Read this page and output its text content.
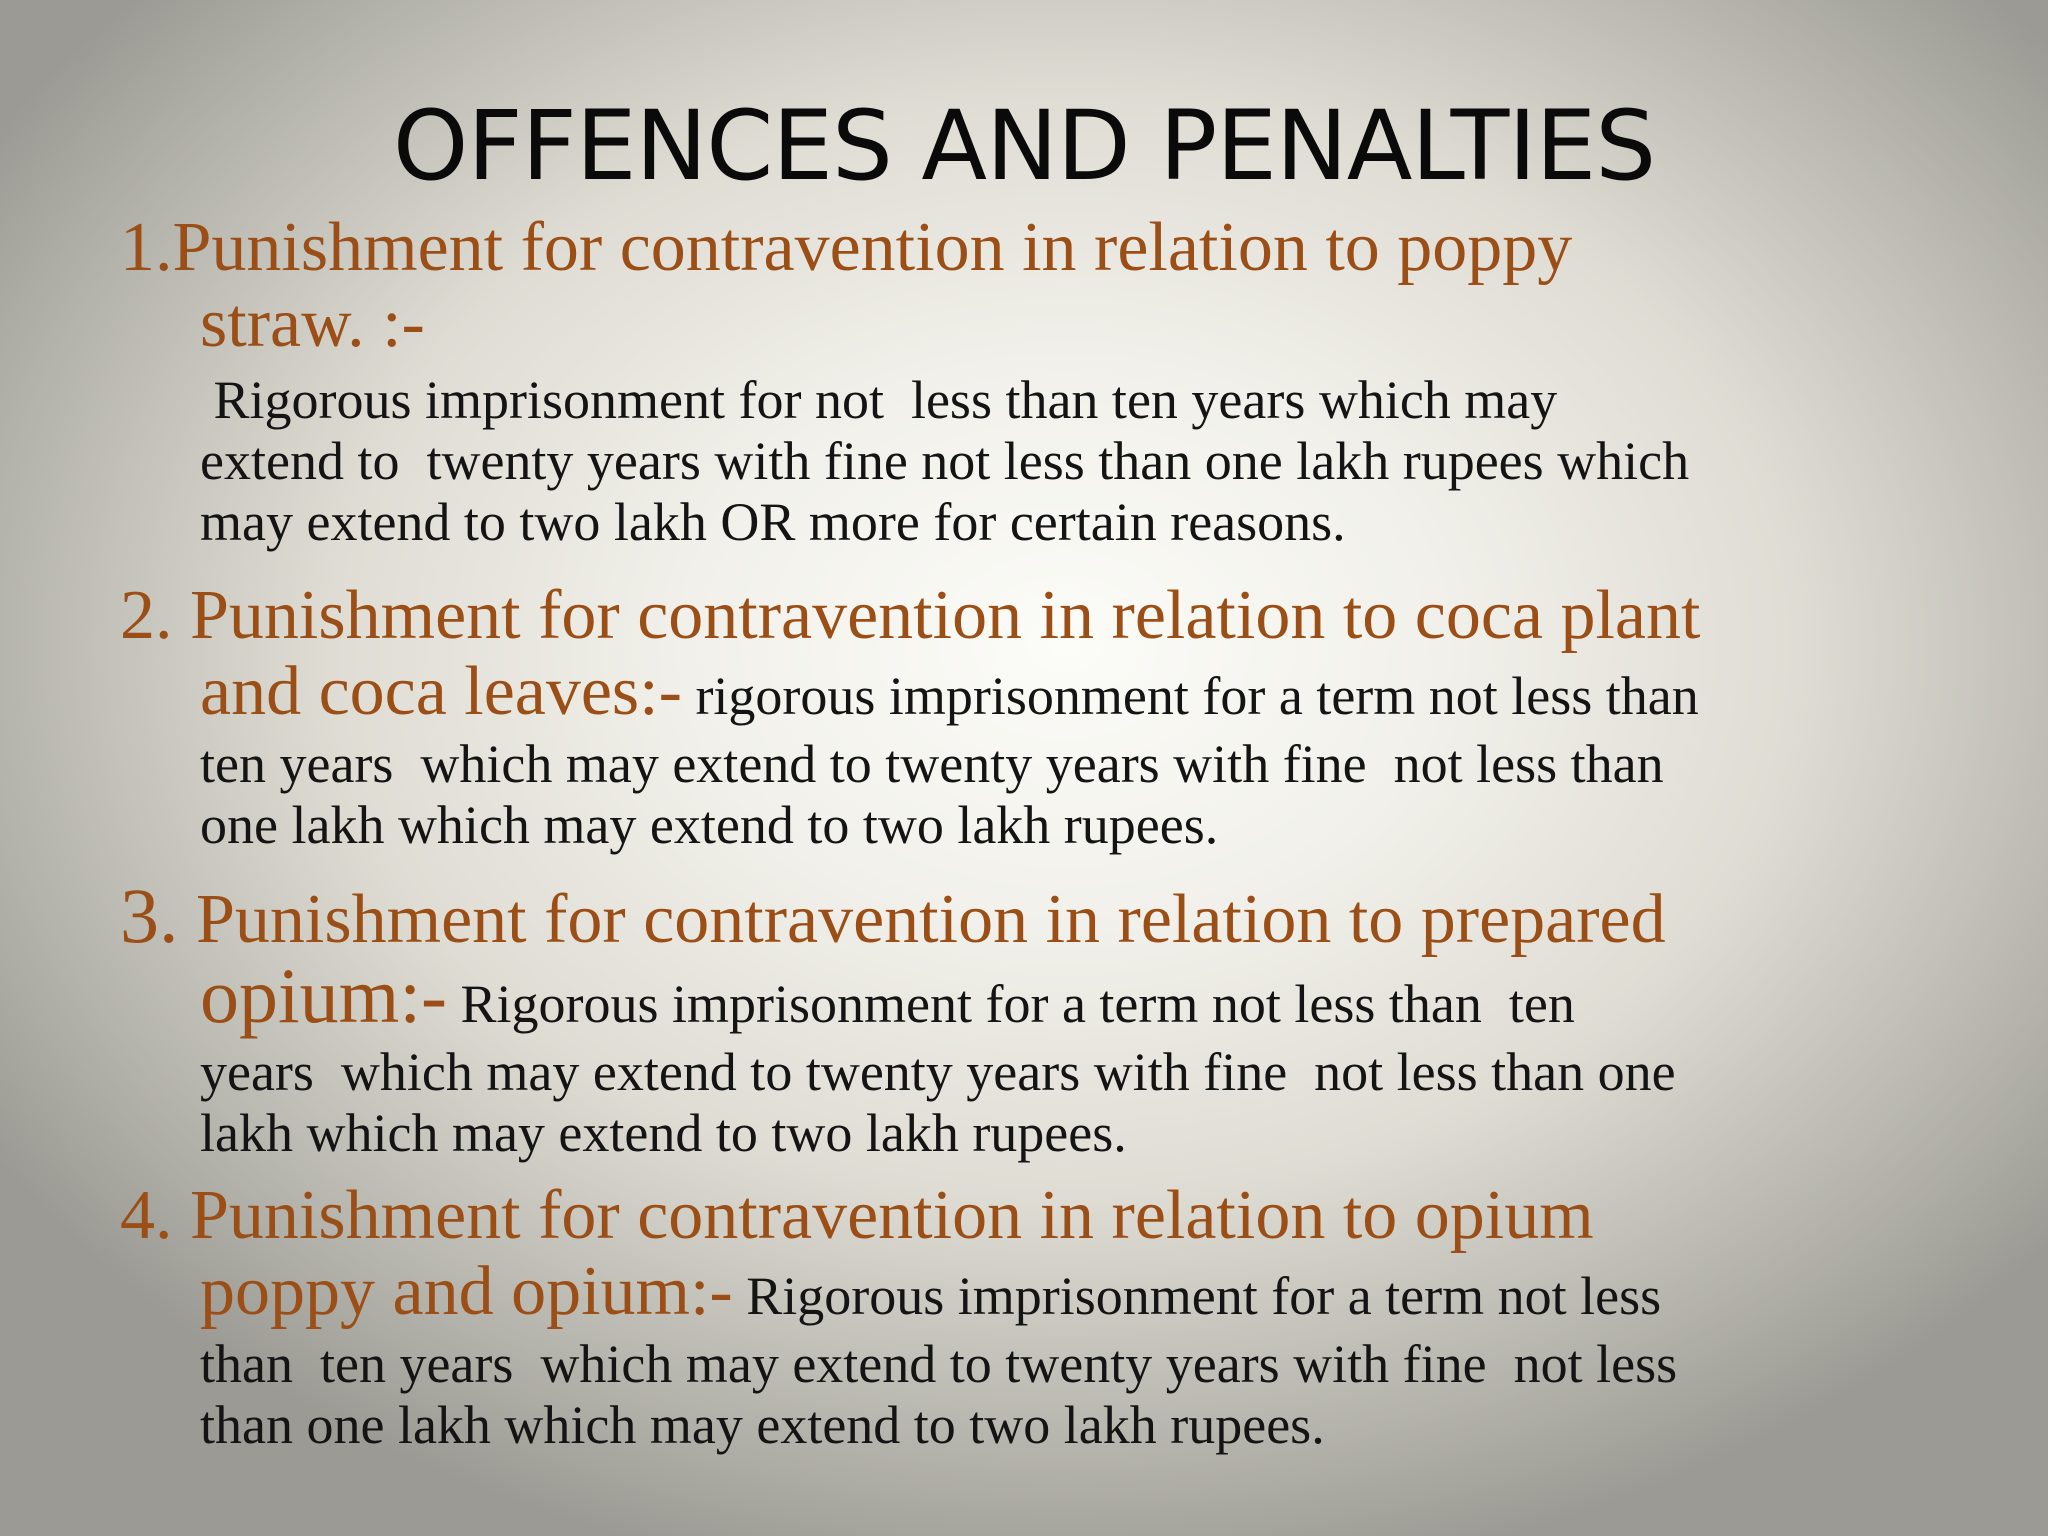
OFFENCES AND PENALTIES
1.Punishment for contravention in relation to poppy
straw. :-
Rigorous imprisonment for not  less than ten years which may
extend to  twenty years with fine not less than one lakh rupees which
may extend to two lakh OR more for certain reasons.
2. Punishment for contravention in relation to coca plant
and coca leaves:- rigorous imprisonment for a term not less than
ten years  which may extend to twenty years with fine  not less than
one lakh which may extend to two lakh rupees.
3. Punishment for contravention in relation to prepared
opium:- Rigorous imprisonment for a term not less than  ten
years  which may extend to twenty years with fine  not less than one
lakh which may extend to two lakh rupees.
4. Punishment for contravention in relation to opium
poppy and opium:- Rigorous imprisonment for a term not less
than  ten years  which may extend to twenty years with fine  not less
than one lakh which may extend to two lakh rupees.
